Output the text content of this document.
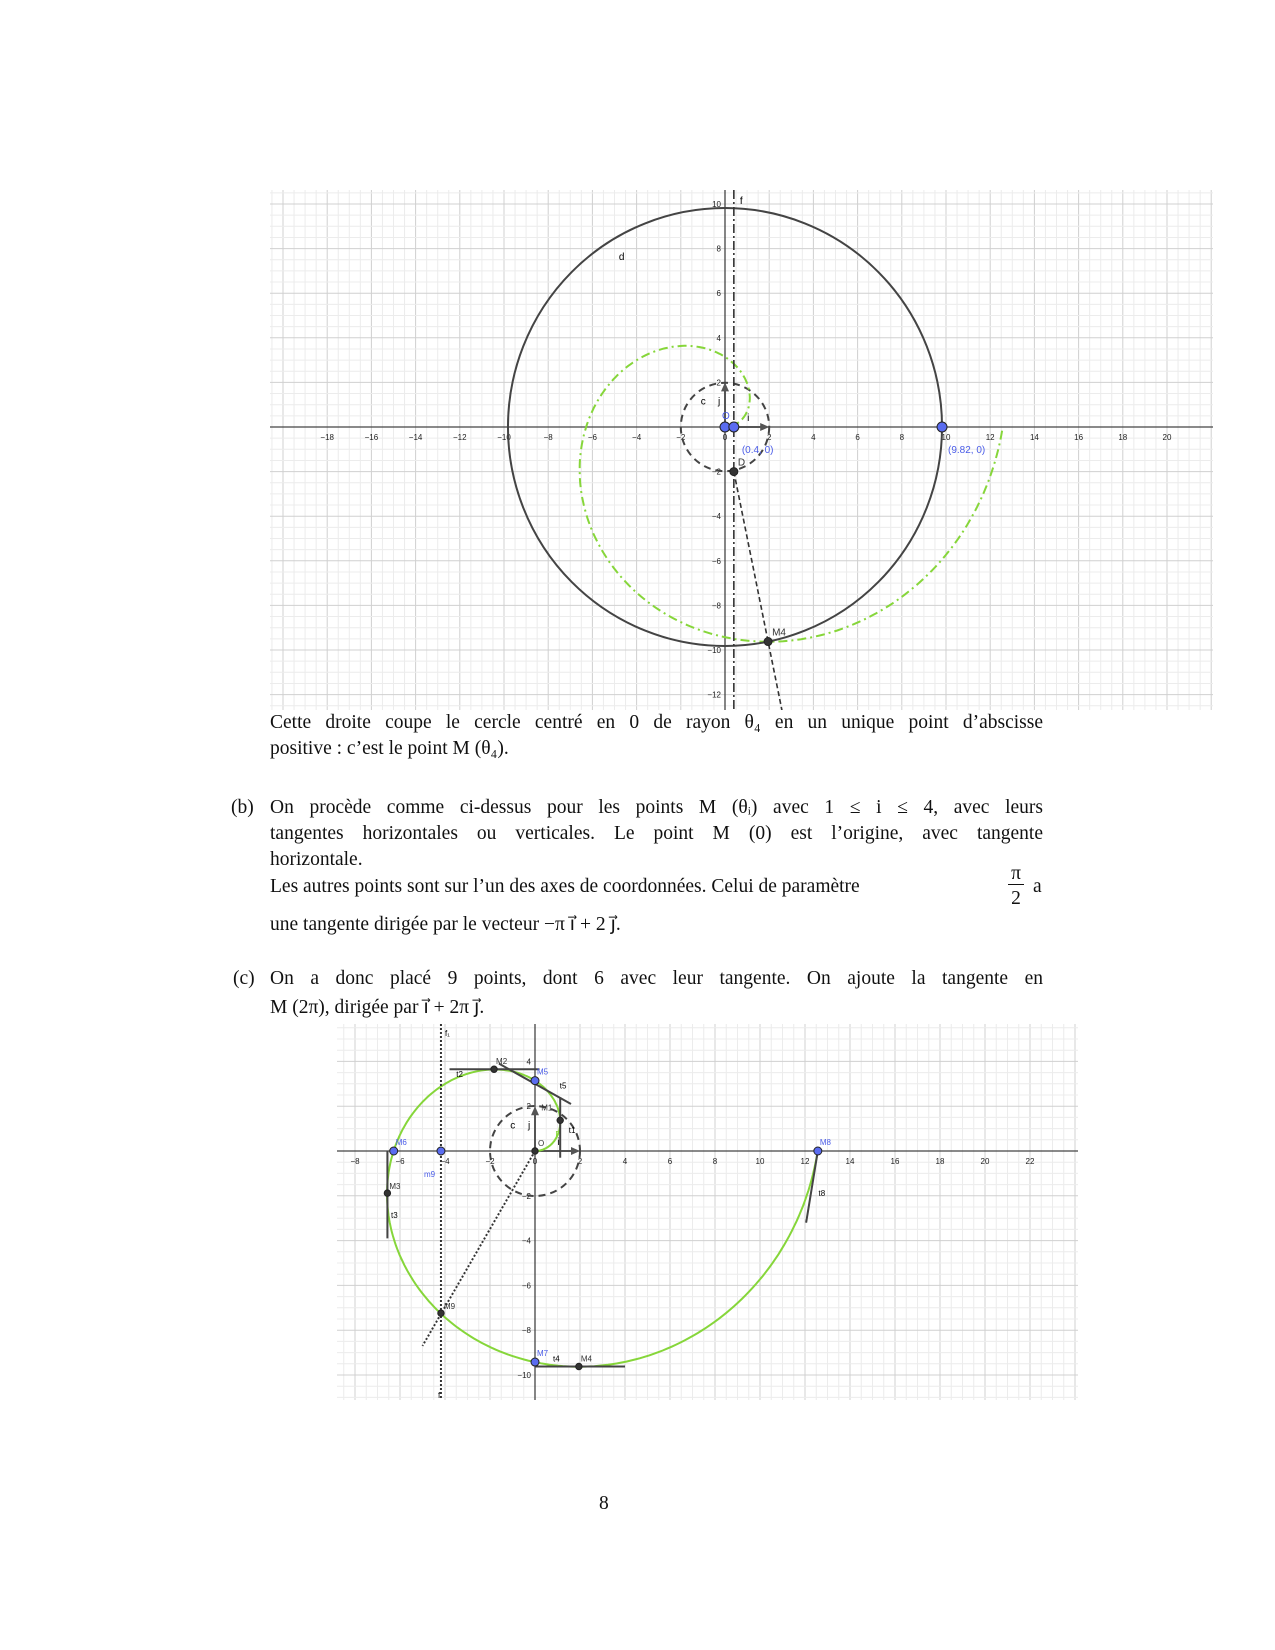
−18	−16	−14	−12	−10	−8	−6	−4	−2	0	2	4	6	8	10	12	14	16	18	20
−12
−10
−8
−6
−4
−2
2
4
6
8
10
i
j
c
d
f
O
(0.4, 0)	(9.82, 0)
D
M4
Cette droite coupe le cercle centré en 0 de rayon θ₄ en un unique point d’abscisse
positive : c’est le point M (θ₄).
(b) On procède comme ci-dessus pour les points M (θᵢ) avec 1 ≤ i ≤ 4, avec leurs
tangentes horizontales ou verticales. Le point M (0) est l’origine, avec tangente
horizontale.
Les autres points sont sur l’un des axes de coordonnées. Celui de paramètre
π
2
a
une tangente dirigée par le vecteur −π i⃗ + 2 j⃗.
(c) On a donc placé 9 points, dont 6 avec leur tangente. On ajoute la tangente en
M (2π), dirigée par i⃗ + 2π j⃗.
−8	−6	−4	−2	0	2	4	6	8	10	12	14	16	18	20	22
−10
−8
−6
−4
−2
2
4
i
j
c
f₁
f
Γ t1
t2
t5
t3
t4
t8
O
M1
M5
M2
M6
m9
M3
M9
M7
M4
M8
8
